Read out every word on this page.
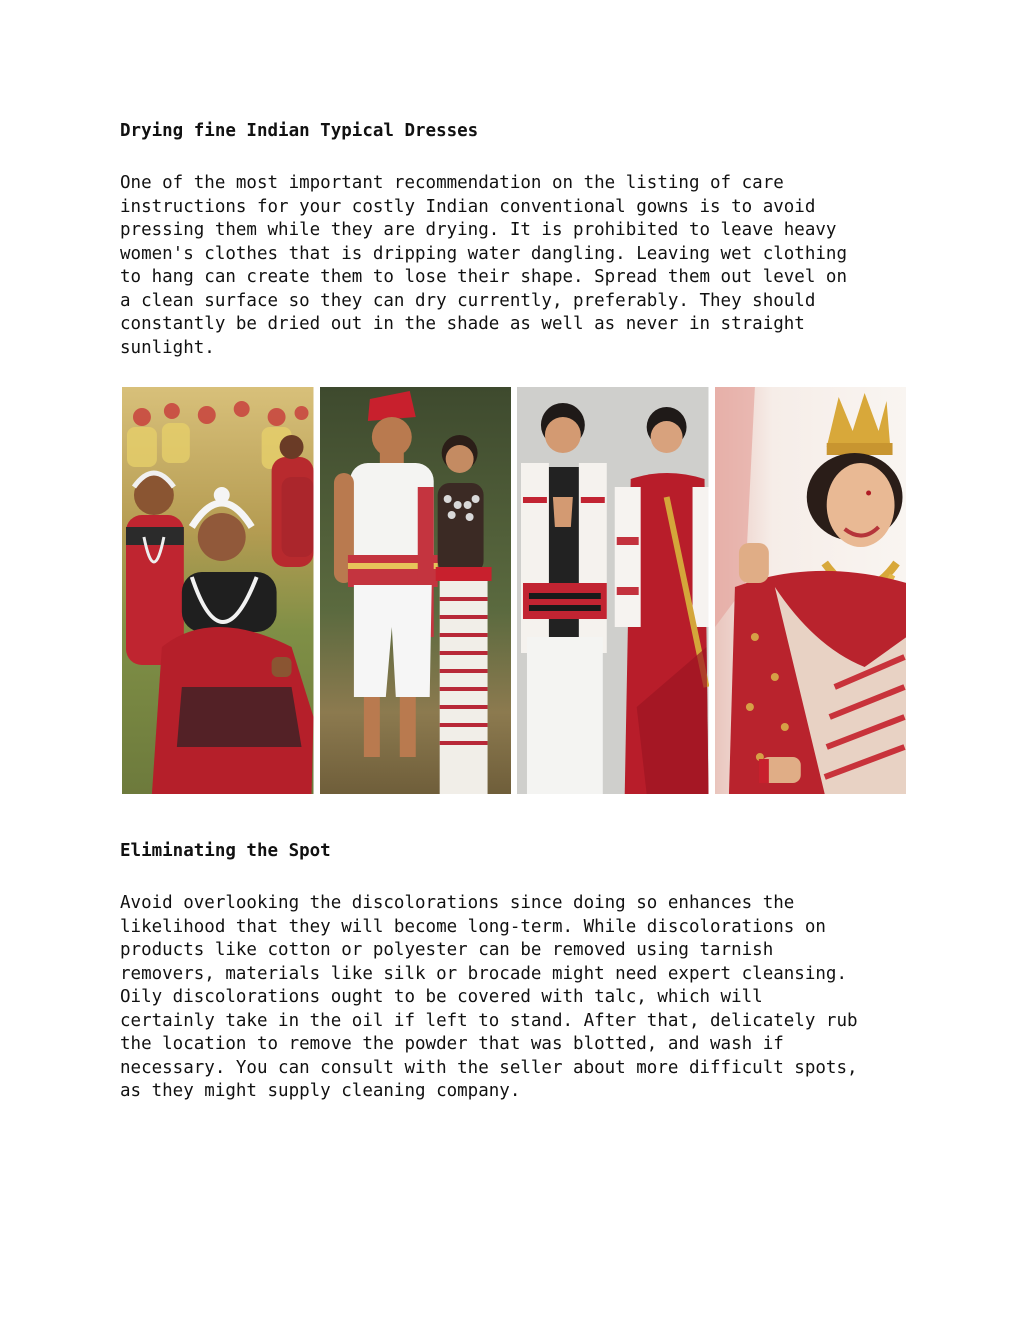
Drying fine Indian Typical Dresses
One of the most important recommendation on the listing of care
instructions for your costly Indian conventional gowns is to avoid
pressing them while they are drying. It is prohibited to leave heavy
women's clothes that is dripping water dangling. Leaving wet clothing
to hang can create them to lose their shape. Spread them out level on
a clean surface so they can dry currently, preferably. They should
constantly be dried out in the shade as well as never in straight
sunlight.
Eliminating the Spot
Avoid overlooking the discolorations since doing so enhances the
likelihood that they will become long-term. While discolorations on
products like cotton or polyester can be removed using tarnish
removers, materials like silk or brocade might need expert cleansing.
Oily discolorations ought to be covered with talc, which will
certainly take in the oil if left to stand. After that, delicately rub
the location to remove the powder that was blotted, and wash if
necessary. You can consult with the seller about more difficult spots,
as they might supply cleaning company.
